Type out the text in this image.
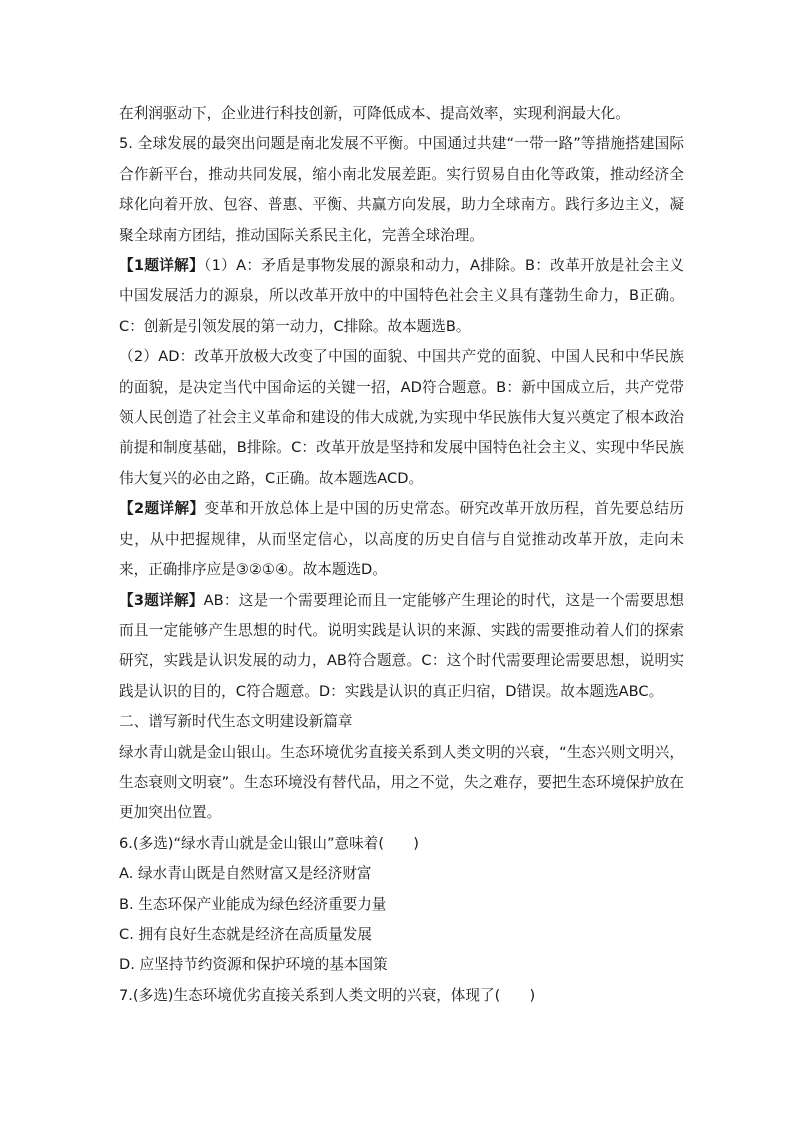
在利润驱动下，企业进行科技创新，可降低成本、提高效率，实现利润最大化。

5. 全球发展的最突出问题是南北发展不平衡。中国通过共建“一带一路”等措施搭建国际合作新平台，推动共同发展，缩小南北发展差距。实行贸易自由化等政策，推动经济全球化向着开放、包容、普惠、平衡、共赢方向发展，助力全球南方。践行多边主义，凝聚全球南方团结，推动国际关系民主化，完善全球治理。

【1题详解】（1）A：矛盾是事物发展的源泉和动力，A排除。B：改革开放是社会主义中国发展活力的源泉，所以改革开放中的中国特色社会主义具有蓬勃生命力，B正确。C：创新是引领发展的第一动力，C排除。故本题选B。

（2）AD：改革开放极大改变了中国的面貌、中国共产党的面貌、中国人民和中华民族的面貌，是决定当代中国命运的关键一招，AD符合题意。B：新中国成立后，共产党带领人民创造了社会主义革命和建设的伟大成就,为实现中华民族伟大复兴奠定了根本政治前提和制度基础，B排除。C：改革开放是坚持和发展中国特色社会主义、实现中华民族伟大复兴的必由之路，C正确。故本题选ACD。

【2题详解】变革和开放总体上是中国的历史常态。研究改革开放历程，首先要总结历史，从中把握规律，从而坚定信心，以高度的历史自信与自觉推动改革开放，走向未来，正确排序应是③②①④。故本题选D。

【3题详解】AB：这是一个需要理论而且一定能够产生理论的时代，这是一个需要思想而且一定能够产生思想的时代。说明实践是认识的来源、实践的需要推动着人们的探索研究，实践是认识发展的动力，AB符合题意。C：这个时代需要理论需要思想，说明实践是认识的目的，C符合题意。D：实践是认识的真正归宿，D错误。故本题选ABC。

二、谱写新时代生态文明建设新篇章

绿水青山就是金山银山。生态环境优劣直接关系到人类文明的兴衰，“生态兴则文明兴，生态衰则文明衰”。生态环境没有替代品，用之不觉，失之难存，要把生态环境保护放在更加突出位置。

6.(多选)“绿水青山就是金山银山”意味着(　　)

A. 绿水青山既是自然财富又是经济财富

B. 生态环保产业能成为绿色经济重要力量

C. 拥有良好生态就是经济在高质量发展

D. 应坚持节约资源和保护环境的基本国策

7.(多选)生态环境优劣直接关系到人类文明的兴衰，体现了(　　)
